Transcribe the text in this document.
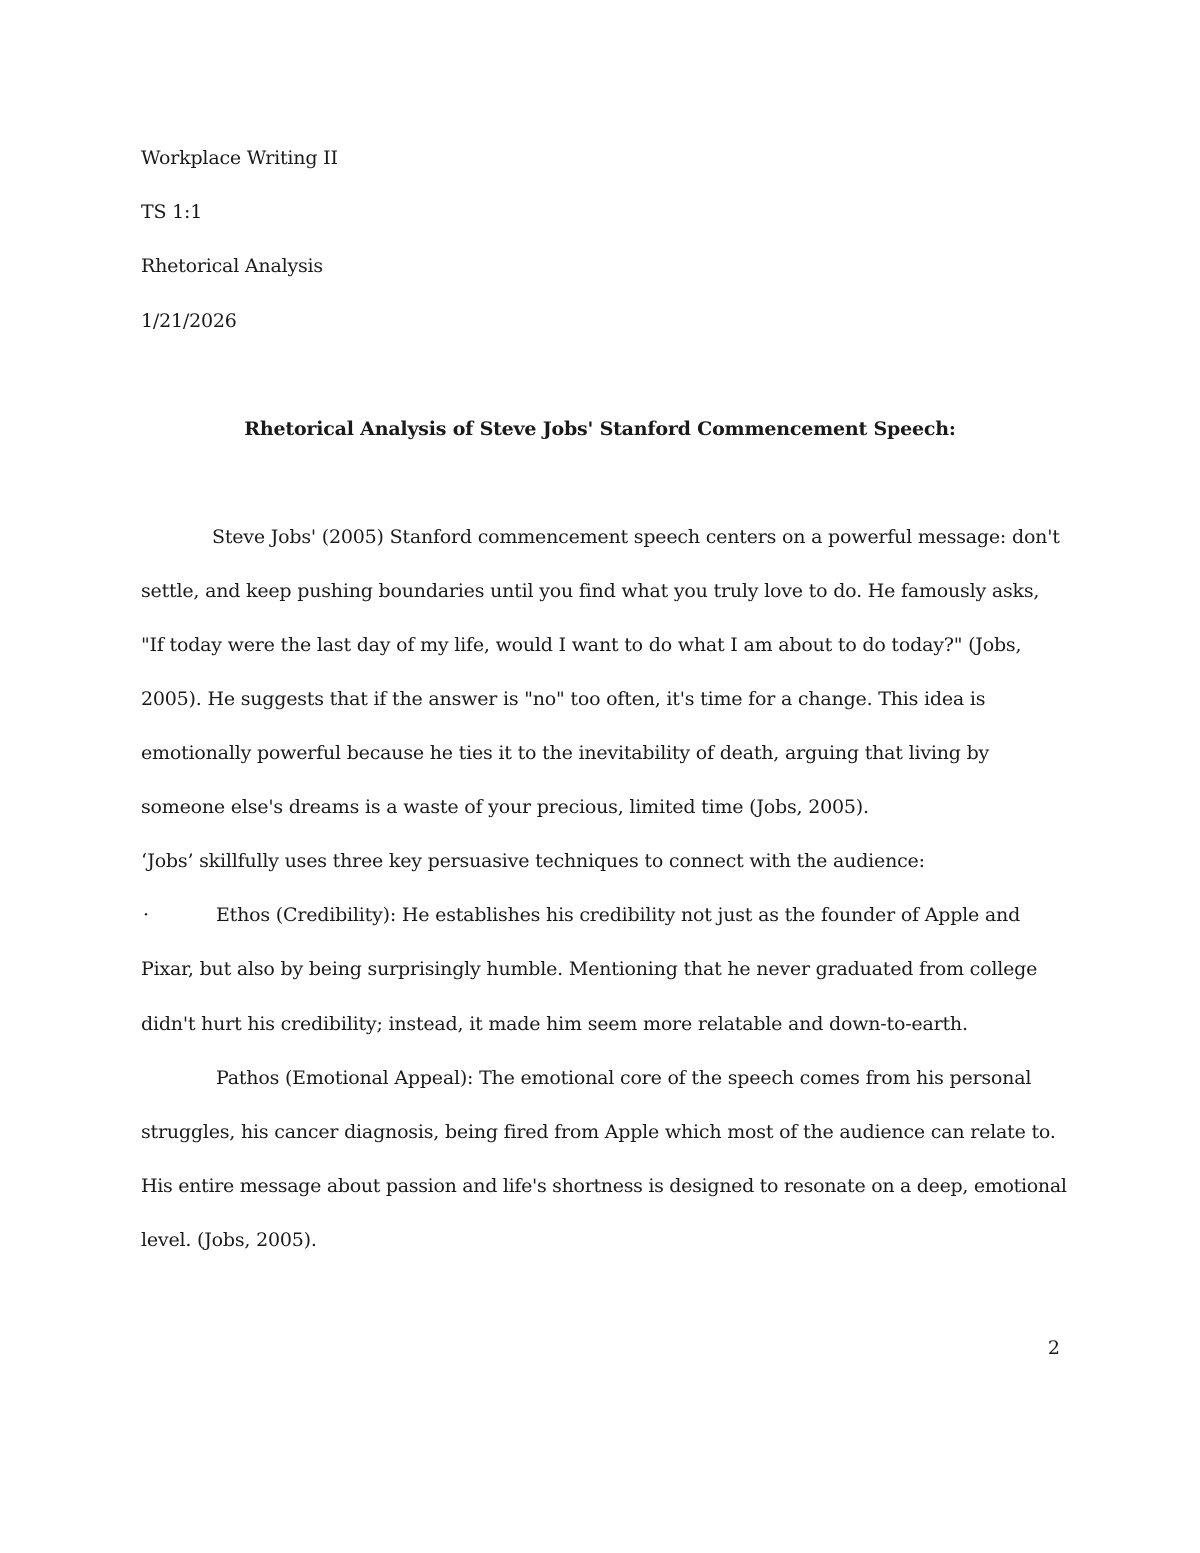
Workplace Writing II
TS 1:1
Rhetorical Analysis
1/21/2026
Rhetorical Analysis of Steve Jobs' Stanford Commencement Speech:
Steve Jobs' (2005) Stanford commencement speech centers on a powerful message: don't
settle, and keep pushing boundaries until you find what you truly love to do. He famously asks,
"If today were the last day of my life, would I want to do what I am about to do today?" (Jobs,
2005). He suggests that if the answer is "no" too often, it's time for a change. This idea is
emotionally powerful because he ties it to the inevitability of death, arguing that living by
someone else's dreams is a waste of your precious, limited time (Jobs, 2005).
‘Jobs’ skillfully uses three key persuasive techniques to connect with the audience:
·	Ethos (Credibility): He establishes his credibility not just as the founder of Apple and
Pixar, but also by being surprisingly humble. Mentioning that he never graduated from college
didn't hurt his credibility; instead, it made him seem more relatable and down-to-earth.
Pathos (Emotional Appeal): The emotional core of the speech comes from his personal
struggles, his cancer diagnosis, being fired from Apple which most of the audience can relate to.
His entire message about passion and life's shortness is designed to resonate on a deep, emotional
level. (Jobs, 2005).
2
